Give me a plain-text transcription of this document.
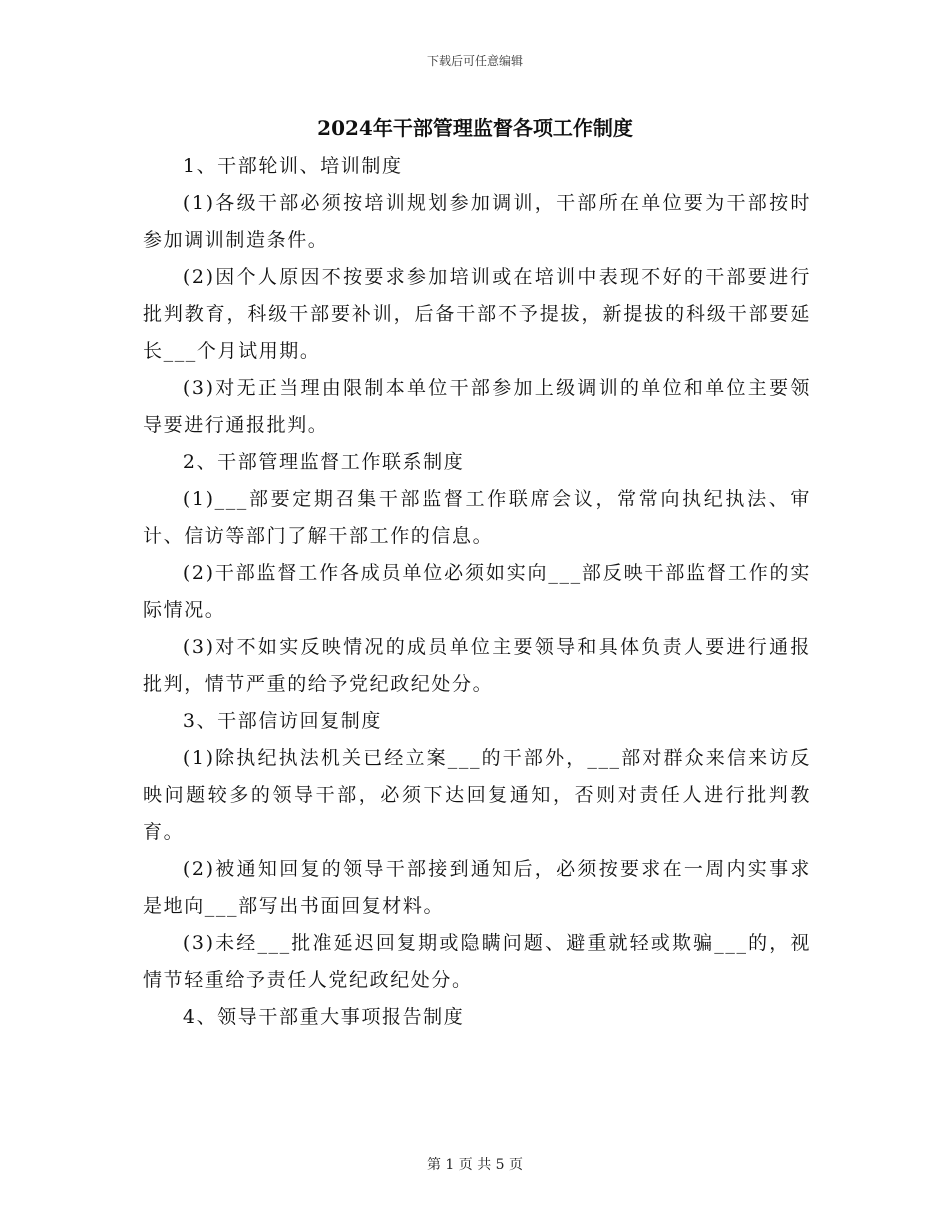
下载后可任意编辑
2024年干部管理监督各项工作制度

1、干部轮训、培训制度

(1)各级干部必须按培训规划参加调训，干部所在单位要为干部按时参加调训制造条件。

(2)因个人原因不按要求参加培训或在培训中表现不好的干部要进行批判教育，科级干部要补训，后备干部不予提拔，新提拔的科级干部要延长___个月试用期。

(3)对无正当理由限制本单位干部参加上级调训的单位和单位主要领导要进行通报批判。

2、干部管理监督工作联系制度

(1)___部要定期召集干部监督工作联席会议，常常向执纪执法、审计、信访等部门了解干部工作的信息。

(2)干部监督工作各成员单位必须如实向___部反映干部监督工作的实际情况。

(3)对不如实反映情况的成员单位主要领导和具体负责人要进行通报批判，情节严重的给予党纪政纪处分。

3、干部信访回复制度

(1)除执纪执法机关已经立案___的干部外，___部对群众来信来访反映问题较多的领导干部，必须下达回复通知，否则对责任人进行批判教育。

(2)被通知回复的领导干部接到通知后，必须按要求在一周内实事求是地向___部写出书面回复材料。

(3)未经___批准延迟回复期或隐瞒问题、避重就轻或欺骗___的，视情节轻重给予责任人党纪政纪处分。

4、领导干部重大事项报告制度

第 1 页 共 5 页
